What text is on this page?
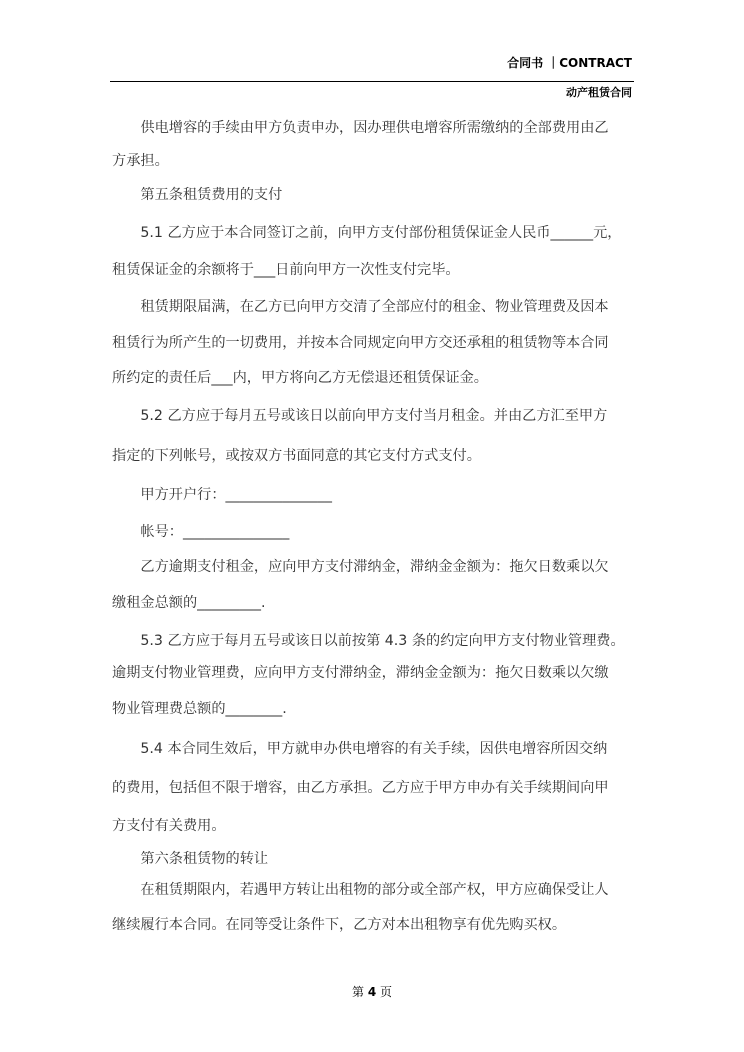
合同书 ｜CONTRACT
动产租赁合同
　　供电增容的手续由甲方负责申办，因办理供电增容所需缴纳的全部费用由乙
方承担。
　　第五条租赁费用的支付
　　5.1 乙方应于本合同签订之前，向甲方支付部份租赁保证金人民币______元，
租赁保证金的余额将于___日前向甲方一次性支付完毕。
　　租赁期限届满，在乙方已向甲方交清了全部应付的租金、物业管理费及因本
租赁行为所产生的一切费用，并按本合同规定向甲方交还承租的租赁物等本合同
所约定的责任后___内，甲方将向乙方无偿退还租赁保证金。
　　5.2 乙方应于每月五号或该日以前向甲方支付当月租金。并由乙方汇至甲方
指定的下列帐号，或按双方书面同意的其它支付方式支付。
　　甲方开户行：_______________
　　帐号：_______________
　　乙方逾期支付租金，应向甲方支付滞纳金，滞纳金金额为：拖欠日数乘以欠
缴租金总额的_________.
　　5.3 乙方应于每月五号或该日以前按第 4.3 条的约定向甲方支付物业管理费。
逾期支付物业管理费，应向甲方支付滞纳金，滞纳金金额为：拖欠日数乘以欠缴
物业管理费总额的________.
　　5.4 本合同生效后，甲方就申办供电增容的有关手续，因供电增容所因交纳
的费用，包括但不限于增容，由乙方承担。乙方应于甲方申办有关手续期间向甲
方支付有关费用。
　　第六条租赁物的转让
　　在租赁期限内，若遇甲方转让出租物的部分或全部产权，甲方应确保受让人
继续履行本合同。在同等受让条件下，乙方对本出租物享有优先购买权。
第 4 页
